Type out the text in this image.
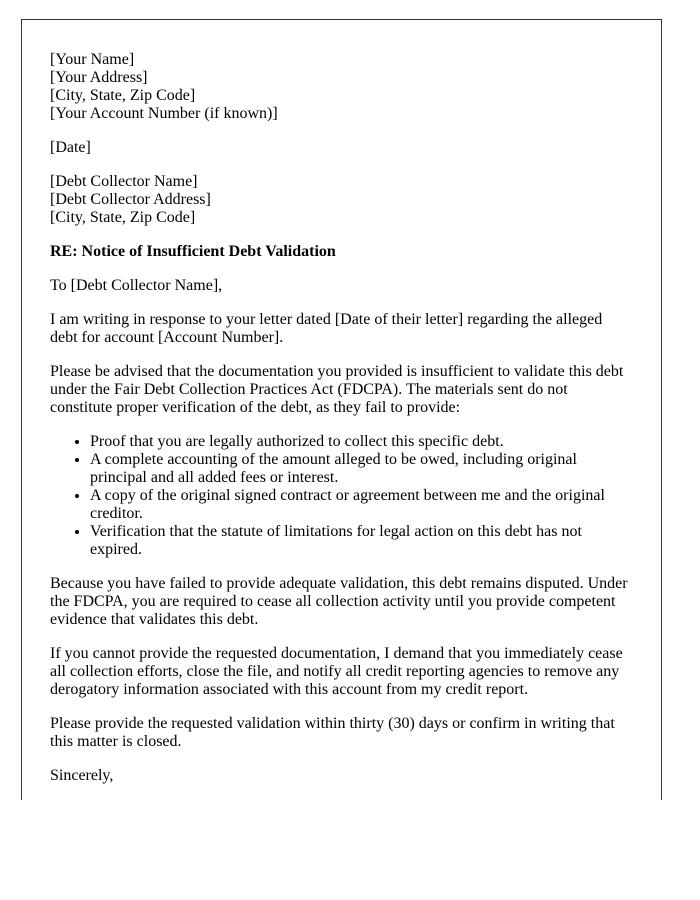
[Your Name]
[Your Address]
[City, State, Zip Code]
[Your Account Number (if known)]
[Date]
[Debt Collector Name]
[Debt Collector Address]
[City, State, Zip Code]
RE: Notice of Insufficient Debt Validation
To [Debt Collector Name],
I am writing in response to your letter dated [Date of their letter] regarding the alleged debt for account [Account Number].
Please be advised that the documentation you provided is insufficient to validate this debt under the Fair Debt Collection Practices Act (FDCPA). The materials sent do not constitute proper verification of the debt, as they fail to provide:
• Proof that you are legally authorized to collect this specific debt.
• A complete accounting of the amount alleged to be owed, including original principal and all added fees or interest.
• A copy of the original signed contract or agreement between me and the original creditor.
• Verification that the statute of limitations for legal action on this debt has not expired.
Because you have failed to provide adequate validation, this debt remains disputed. Under the FDCPA, you are required to cease all collection activity until you provide competent evidence that validates this debt.
If you cannot provide the requested documentation, I demand that you immediately cease all collection efforts, close the file, and notify all credit reporting agencies to remove any derogatory information associated with this account from my credit report.
Please provide the requested validation within thirty (30) days or confirm in writing that this matter is closed.
Sincerely,
